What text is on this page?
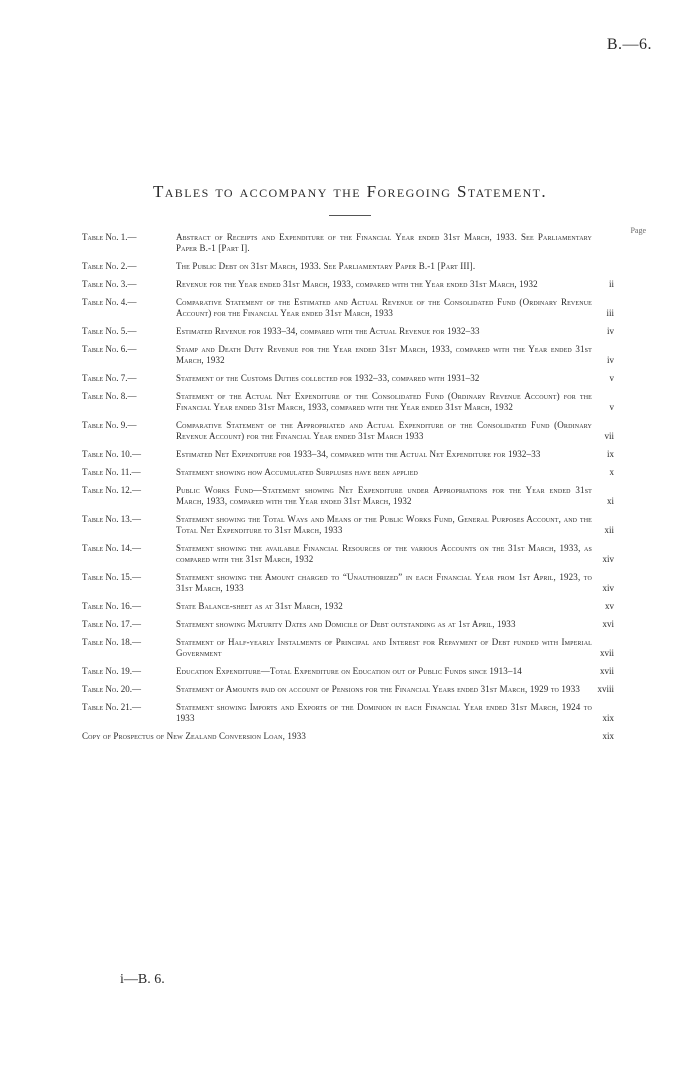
B.—6.
Tables to accompany the Foregoing Statement.
Page
Table No. 1.—	Abstract of Receipts and Expenditure of the Financial Year ended 31st March, 1933. See Parliamentary Paper B.-1 [Part I].
Table No. 2.—	The Public Debt on 31st March, 1933. See Parliamentary Paper B.-1 [Part III].
Table No. 3.—	Revenue for the Year ended 31st March, 1933, compared with the Year ended 31st March, 1932	ii
Table No. 4.—	Comparative Statement of the Estimated and Actual Revenue of the Consolidated Fund (Ordinary Revenue Account) for the Financial Year ended 31st March, 1933	iii
Table No. 5.—	Estimated Revenue for 1933–34, compared with the Actual Revenue for 1932–33	iv
Table No. 6.—	Stamp and Death Duty Revenue for the Year ended 31st March, 1933, compared with the Year ended 31st March, 1932	iv
Table No. 7.—	Statement of the Customs Duties collected for 1932–33, compared with 1931–32	v
Table No. 8.—	Statement of the Actual Net Expenditure of the Consolidated Fund (Ordinary Revenue Account) for the Financial Year ended 31st March, 1933, compared with the Year ended 31st March, 1932	v
Table No. 9.—	Comparative Statement of the Appropriated and Actual Expenditure of the Consolidated Fund (Ordinary Revenue Account) for the Financial Year ended 31st March 1933	vii
Table No. 10.—	Estimated Net Expenditure for 1933–34, compared with the Actual Net Expenditure for 1932–33	ix
Table No. 11.—	Statement showing how Accumulated Surpluses have been applied	x
Table No. 12.—	Public Works Fund—Statement showing Net Expenditure under Appropriations for the Year ended 31st March, 1933, compared with the Year ended 31st March, 1932	xi
Table No. 13.—	Statement showing the Total Ways and Means of the Public Works Fund, General Purposes Account, and the Total Net Expenditure to 31st March, 1933	xii
Table No. 14.—	Statement showing the available Financial Resources of the various Accounts on the 31st March, 1933, as compared with the 31st March, 1932	xiv
Table No. 15.—	Statement showing the Amount charged to “Unauthorized” in each Financial Year from 1st April, 1923, to 31st March, 1933	xiv
Table No. 16.—	State Balance-sheet as at 31st March, 1932	xv
Table No. 17.—	Statement showing Maturity Dates and Domicile of Debt outstanding as at 1st April, 1933	xvi
Table No. 18.—	Statement of Half-yearly Instalments of Principal and Interest for Repayment of Debt funded with Imperial Government	xvii
Table No. 19.—	Education Expenditure—Total Expenditure on Education out of Public Funds since 1913–14	xvii
Table No. 20.—	Statement of Amounts paid on account of Pensions for the Financial Years ended 31st March, 1929 to 1933	xviii
Table No. 21.—	Statement showing Imports and Exports of the Dominion in each Financial Year ended 31st March, 1924 to 1933	xix
Copy of Prospectus of New Zealand Conversion Loan, 1933	xix
i—B. 6.
